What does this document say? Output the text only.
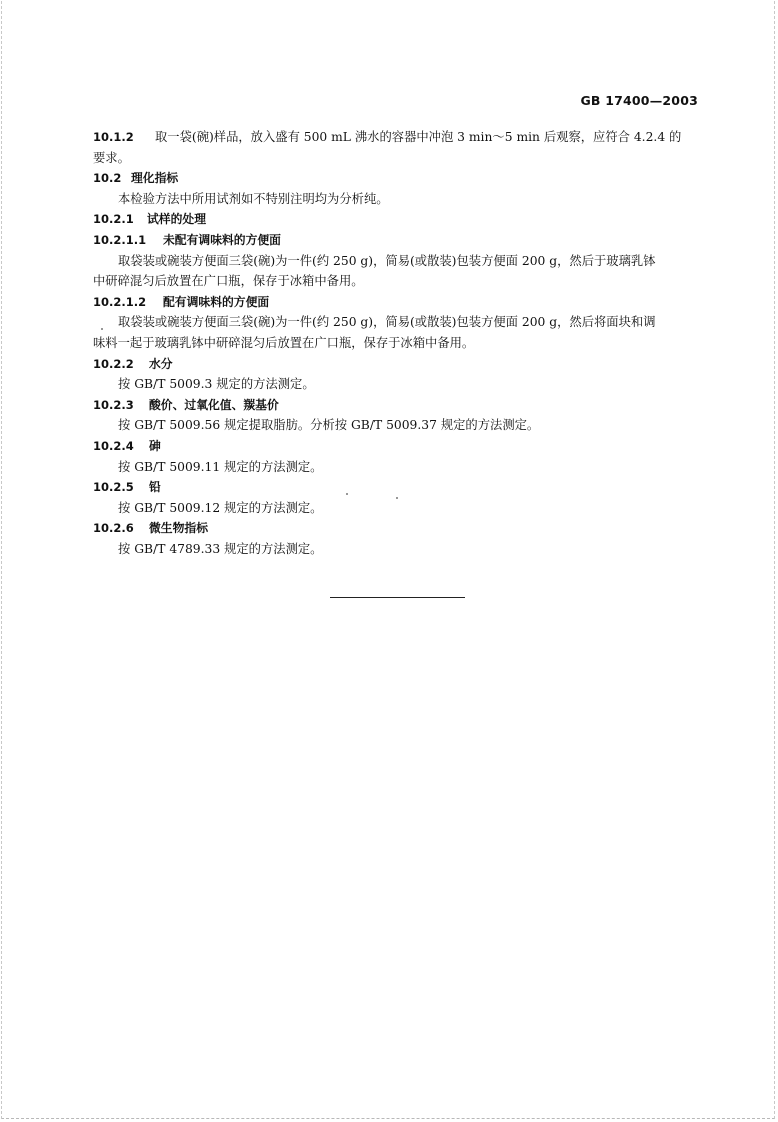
GB 17400—2003
10.1.2 取一袋(碗)样品，放入盛有 500 mL 沸水的容器中冲泡 3 min～5 min 后观察，应符合 4.2.4 的
要求。
10.2 理化指标
本检验方法中所用试剂如不特别注明均为分析纯。
10.2.1 试样的处理
10.2.1.1 未配有调味料的方便面
取袋装或碗装方便面三袋(碗)为一件(约 250 g)，简易(或散装)包装方便面 200 g，然后于玻璃乳钵
中研碎混匀后放置在广口瓶，保存于冰箱中备用。
10.2.1.2 配有调味料的方便面
取袋装或碗装方便面三袋(碗)为一件(约 250 g)，简易(或散装)包装方便面 200 g，然后将面块和调
味料一起于玻璃乳钵中研碎混匀后放置在广口瓶，保存于冰箱中备用。
10.2.2 水分
按 GB/T 5009.3 规定的方法测定。
10.2.3 酸价、过氧化值、羰基价
按 GB/T 5009.56 规定提取脂肪。分析按 GB/T 5009.37 规定的方法测定。
10.2.4 砷
按 GB/T 5009.11 规定的方法测定。
10.2.5 铅
按 GB/T 5009.12 规定的方法测定。
10.2.6 微生物指标
按 GB/T 4789.33 规定的方法测定。
